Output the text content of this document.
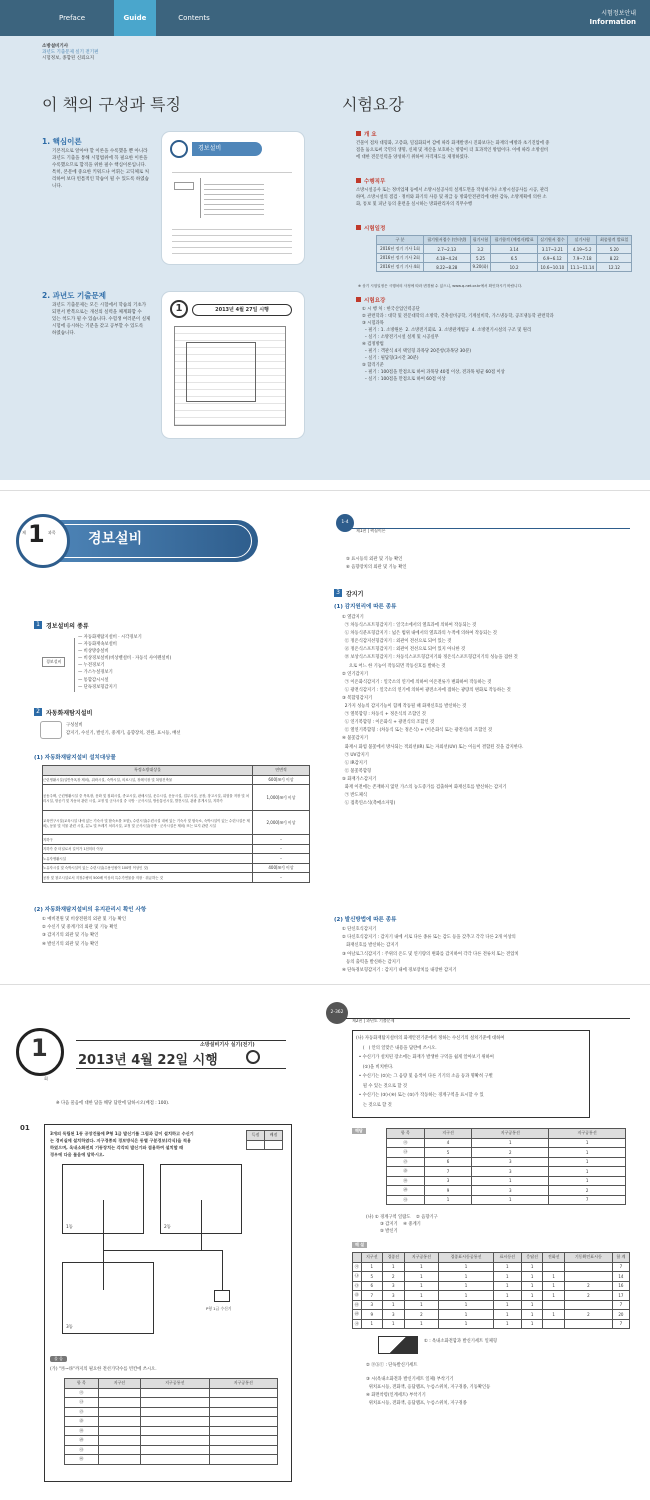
Preface	Guide	Contents
시험정보안내
Information
소방설비기사
과년도 기출문제 실기 전기편
시험정보, 종합된 신뢰요지
이 책의 구성과 특징	시험요강
1. 핵심이론
기본적으로 알아야 할 이론을 수록했을 뿐 아니라
과년도 기출을 통해 시험범위에 꼭 필요한 이론을
수록했으므로 합격을 위한 필수 핵심이론입니다.
특히, 본문에 중요한 키워드나 어휘는 고딕체로 처
리하여 보다 빈틈적인 학습이 될 수 있도록 하였습
니다.
2. 과년도 기출문제
과년도 기출문제는 모든 시험에서 학습의 기초가
되면서 반복으로는 개선의 실력을 체계화합 수
있는 척도가 될 수 있습니다. 수험생 여러분이 실제
시험에 응시하는 기분을 갖고 공부할 수 있도록
하였습니다.
경보설비
1	2013년 4월 27일 시행
개 요
건물이 점차 대형화, 고층화, 밀집화되어 감에 따라 화재발생시 진화보다는 화재의 예방과 초기진압에 중
점을 둠으로써 국민의 생명, 신체 및 재산을 보호하는 방향이 더 효과적인 방법이다. 이에 따라 소방설비
에 대한 전문인력을 양성하기 위하여 자격제도를 제정하였다.
수행직무
소방시설공사 또는 정비업체 등에서 소방시설공사의 설계도면을 작성하거나 소방시설공사를 시공, 관리
하며, 소방시설의 점검 · 정비와 화기의 사용 및 취급 등 방화안전관리에 대한 감독, 소방계획에 의한 소
화, 통보 및 피난 등의 훈련을 실시하는 방화관리자의 직무수행
시험일정
구 분	필기원서접수 (인터넷)	필기시험	필기합격 (예정자)발표	실기원서 접수	실기시험	최종합격 발표일
2016년 정기 기사 1회	2.7~2.13	3.2	3.14	3.17~3.21	4.19~5.2	5.20
2016년 정기 기사 2회	4.18~4.24	5.25	6.5	6.9~6.12	7.9~7.18	8.22
2016년 정기 기사 4회	8.22~8.28	9.20(화)	10.2	10.6~10.10	11.1~11.14	12.12
※ 상기 시험일정은 시행처의 사정에 따라 변경될 수 있으니, www.q-net.or.kr에서 확인하시기 바랍니다.
시험요강
① 시 행 처 : 한국산업인력공단
② 관련학과 : 대학 및 전문대학의 소방학, 건축설비공학, 기계설비학, 가스냉동학, 공조냉동학 관련학과
③ 시험과목
– 필기 : 1. 소방원론  2. 소방전기회로  3. 소방관계법규  4. 소방전기시설의 구조 및 원리
– 실기 : 소방전기시설 설계 및 시공실무
④ 검정방법
– 필기 : 객관식 4지 택일형 과목당 20문항(과목당 30분)
– 실기 : 필답형(3시간 30분)
⑤ 합격기준
– 필기 : 100점을 만점으로 하여 과목당 40점 이상, 전과목 평균 60점 이상
– 실기 : 100점을 만점으로 하여 60점 이상
제 1 과목 경보설비
1	경보설비의 종류
경보설비
— 자동화재탐지설비 · 시각경보기
— 자동화재속보설비
— 비상방송설비
— 비상경보설비(비상벨설비 · 자동식 사이렌설비)
— 누전경보기
— 가스누설경보기
— 통합감시시설
— 단독경보형감지기
2	자동화재탐지설비
구성설비
감지기, 수신기, 발신기, 중계기, 음향장치, 전원, 표시등, 배선
(1) 자동화재탐지설비 설치대상물
특정소방대상물	연면적
근린생활시설(일반목욕장 제외), 위락시설, 숙박시설, 의료시설, 장례식장 및 복합건축물	600[m²] 이상
공동주택, 근린생활시설 중 목욕장, 문화 및 집회시설, 종교시설, 판매시설, 운수시설, 운동시설, 업무시설, 공장, 창고시설, 위험물 저장 및 처리시설, 항공기 및 자동차 관련 시설, 교정 및 군사시설 중 국방 · 군사시설, 방송통신시설, 발전시설, 관광 휴게시설, 지하가	1,000[m²] 이상
교육연구시설(교육시설 내에 있는 기숙사 및 합숙소를 포함), 수련시설(수련시설 내에 있는 기숙사 및 합숙소, 숙박시설이 있는 수련시설은 제외), 동물 및 식물 관련 시설, 분뇨 및 쓰레기 처리시설, 교정 및 군사시설(국방 · 군사시설은 제외) 또는 묘지 관련 시설	2,000[m²] 이상
지하구	–
지하가 중 터널로서 길이가 1천미터 이상	–
노유자생활시설	–
노유자시설 및 숙박시설이 있는 수련시설(수용인원이 100명 이상인 것)	400[m²] 이상
공장 및 창고시설로서 지정수량의 500배 이상의 특수가연물을 저장 · 취급하는 것	–
(2) 자동화재탐지설비의 유지관리시 확인 사항
① 예비전원 및 비상전원의 외관 및 기능 확인
② 수신기 및 중계기의 외관 및 기능 확인
③ 감지기의 외관 및 기능 확인
④ 발신기의 외관 및 기능 확인
1-4
제1편 | 핵심이론
⑤ 표시등의 외관 및 기능 확인
⑥ 음향장치의 외관 및 기능 확인
3	감지기
(1) 감지원리에 따른 종류
① 열감지기
㉠ 차동식스포트형감지기 : 일국소에서의 열효과에 의하여 작동되는 것
㉡ 차동식분포형감지기 : 넓은 범위 내에서의 열효과의 누적에 의하여 작동되는 것
㉢ 정온식감지선형감지기 : 외관이 전선으로 되어 있는 것
㉣ 정온식스포트형감지기 : 외관이 전선으로 되어 있지 아니한 것
㉤ 보상식스포트형감지기 : 차동식스포트형감지기와 정온식스포트형감지기의 성능을 겸한 것
으로 어느 한 기능이 작동되면 작동신호를 발하는 것
② 연기감지기
㉠ 이온화식감지기 : 일국소의 연기에 의하여 이온전류가 변화하여 작동하는 것
㉡ 광전식감지기 : 일국소의 연기에 의하여 광전소자에 접하는 광량의 변화로 작동하는 것
③ 복합형감지기
2가지 성능의 감지기능이 함께 작동될 때 화재신호를 발신하는 것
㉠ 열복합형 : 차동식 + 정온식의 조합인 것
㉡ 연기복합형 : 이온화식 + 광전식의 조합인 것
㉢ 열연기복합형 : (차동식 또는 정온식) + (이온화식 또는 광전식)의 조합인 것
④ 불꽃감지기
화재시 화염 불꽃에서 방사되는 적외선(IR) 또는 자외선(UV) 또는 이들이 결합된 것을 감지한다.
㉠ UV감지기
㉡ IR감지기
㉢ 불꽃복합형
⑤ 화재가스감지기
화재 이전에는 존재하지 않던 가스의 농도증가를 검출하여 화재신호를 발신하는 감지기
㉠ 반도체식
㉡ 접촉연소식(촉매소자형)
(2) 발신방법에 따른 종류
① 단신호식감지기
② 다신호식감지기 : 감지기 내에 서로 다른 종류 또는 감도 등을 갖추고 각각 다른 2개 이상의
화재신호를 발신하는 감지기
③ 아날로그식감지기 : 주위의 온도 및 연기량의 변화를 감지하여 각각 다른 전류치 또는 전압치
등의 출력을 발신하는 감지기
④ 단독경보형감지기 : 감지기 내에 경보장치를 내장한 감지기
소방설비기사 실기(전기)
1
회
2013년 4월 22일 시행
※ 다음 물음에 대한 답을 해당 답란에 답하시오(배점 : 100).
01
3개의 독립된 1동 공장건물에 P형 1급 발신기를 그림과 같이 설치하고 수신기
는 경비실에 설치하였다. 지구경종의 경보방식은 동별 구분경보(각식)을 적용
하였으며, 옥내소화전의 기동장치는 각각의 발신기와 겸용하여 설치할 때
경우에 다음 물음에 답하시오.
득점	배점

1동	2동
3동
P형 1급 수신기
물 음
(가) "㉮~㉰"까지의 필요한 전선가닥수를 빈칸에 쓰시오.
항 목	지구선	지구공통선	지구공통선
㉮			
㉯			
㉰			
㉱			
㉲			
㉳			
㉴			
㉵			
2-362
제2편 | 과년도 기출문제
(나) 자동화재탐지설비의 화재안전기준에서 정하는 수신기의 설치기준에 대하여
(   ) 안의 알맞은 내용을 답란에 쓰시오.
• 수신기가 설치된 장소에는 화재가 발생한 구역을 쉽게 알아보기 위하여
(①)을 비치한다.
• 수신기는 (②)는 그 음량 및 음색이 다른 기기의 소음 등과 명확히 구별
될 수 있는 것으로 할 것
• 수신기는 (③)·(④) 또는 (⑤)가 작동하는 경계구역을 표시할 수 있
는 것으로 할 것
해답	항 목	지구선	지구공통선	지구공통선
㉮	4	1	1
㉯	5	2	1
㉰	6	3	1
㉱	7	3	1
㉲	3	1	1
㉳	9	3	2
㉴	1	1	7
(나) ① 경계구역 일람도 ② 음향기구
③ 감지기 ④ 중계기
⑤ 발신기
해 설
	지구선	경종선	지구공통선	경종표시등공통선	표시등선	응답선	전화선	기동확인표시등	합 계
㉮	1	1	1	1	1	1			7
㉯	5	2	1	1	1	1	1		14
㉰	6	3	1	1	1	1	1	2	16
㉱	7	3	1	1	1	1	1	2	17
㉲	3	1	1	1	1	1			7
㉳	9	3	2	1	1	1	1	2	20
㉴	1	1	1	1	1	1			7
① : 옥내소화전함과 발신기세트 일체형
② ⓟⓑⓛ : 단독발신기세트
③ 시(옥내소화전과 발신기세트 일체) 부착기기
위치표시등, 전화잭, 응답램프, 누름스위치, 지구경종, 기동확인등
④ 화면착령(인계세트) 부착기기
위치표시등, 전화잭, 응답램프, 누름스위치, 지구경종
